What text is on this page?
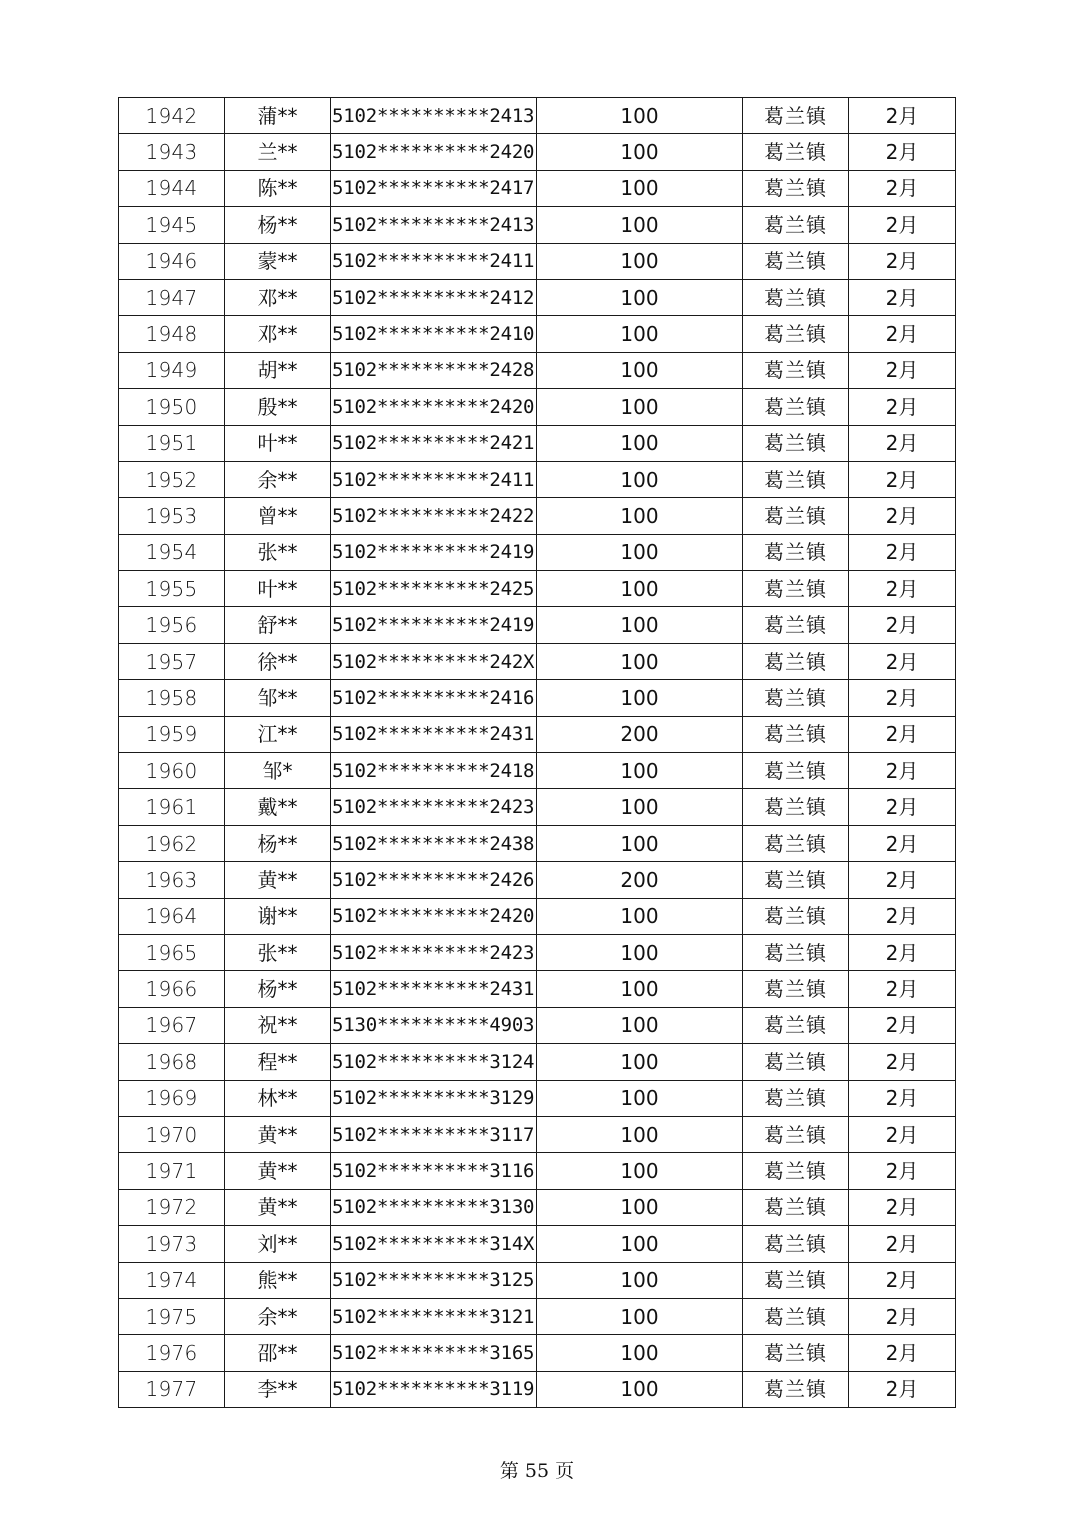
1942	蒲**	5102**********2413	100	葛兰镇	2月
1943	兰**	5102**********2420	100	葛兰镇	2月
1944	陈**	5102**********2417	100	葛兰镇	2月
1945	杨**	5102**********2413	100	葛兰镇	2月
1946	蒙**	5102**********2411	100	葛兰镇	2月
1947	邓**	5102**********2412	100	葛兰镇	2月
1948	邓**	5102**********2410	100	葛兰镇	2月
1949	胡**	5102**********2428	100	葛兰镇	2月
1950	殷**	5102**********2420	100	葛兰镇	2月
1951	叶**	5102**********2421	100	葛兰镇	2月
1952	余**	5102**********2411	100	葛兰镇	2月
1953	曾**	5102**********2422	100	葛兰镇	2月
1954	张**	5102**********2419	100	葛兰镇	2月
1955	叶**	5102**********2425	100	葛兰镇	2月
1956	舒**	5102**********2419	100	葛兰镇	2月
1957	徐**	5102**********242X	100	葛兰镇	2月
1958	邹**	5102**********2416	100	葛兰镇	2月
1959	江**	5102**********2431	200	葛兰镇	2月
1960	邹*	5102**********2418	100	葛兰镇	2月
1961	戴**	5102**********2423	100	葛兰镇	2月
1962	杨**	5102**********2438	100	葛兰镇	2月
1963	黄**	5102**********2426	200	葛兰镇	2月
1964	谢**	5102**********2420	100	葛兰镇	2月
1965	张**	5102**********2423	100	葛兰镇	2月
1966	杨**	5102**********2431	100	葛兰镇	2月
1967	祝**	5130**********4903	100	葛兰镇	2月
1968	程**	5102**********3124	100	葛兰镇	2月
1969	林**	5102**********3129	100	葛兰镇	2月
1970	黄**	5102**********3117	100	葛兰镇	2月
1971	黄**	5102**********3116	100	葛兰镇	2月
1972	黄**	5102**********3130	100	葛兰镇	2月
1973	刘**	5102**********314X	100	葛兰镇	2月
1974	熊**	5102**********3125	100	葛兰镇	2月
1975	余**	5102**********3121	100	葛兰镇	2月
1976	邵**	5102**********3165	100	葛兰镇	2月
1977	李**	5102**********3119	100	葛兰镇	2月
第 55 页
